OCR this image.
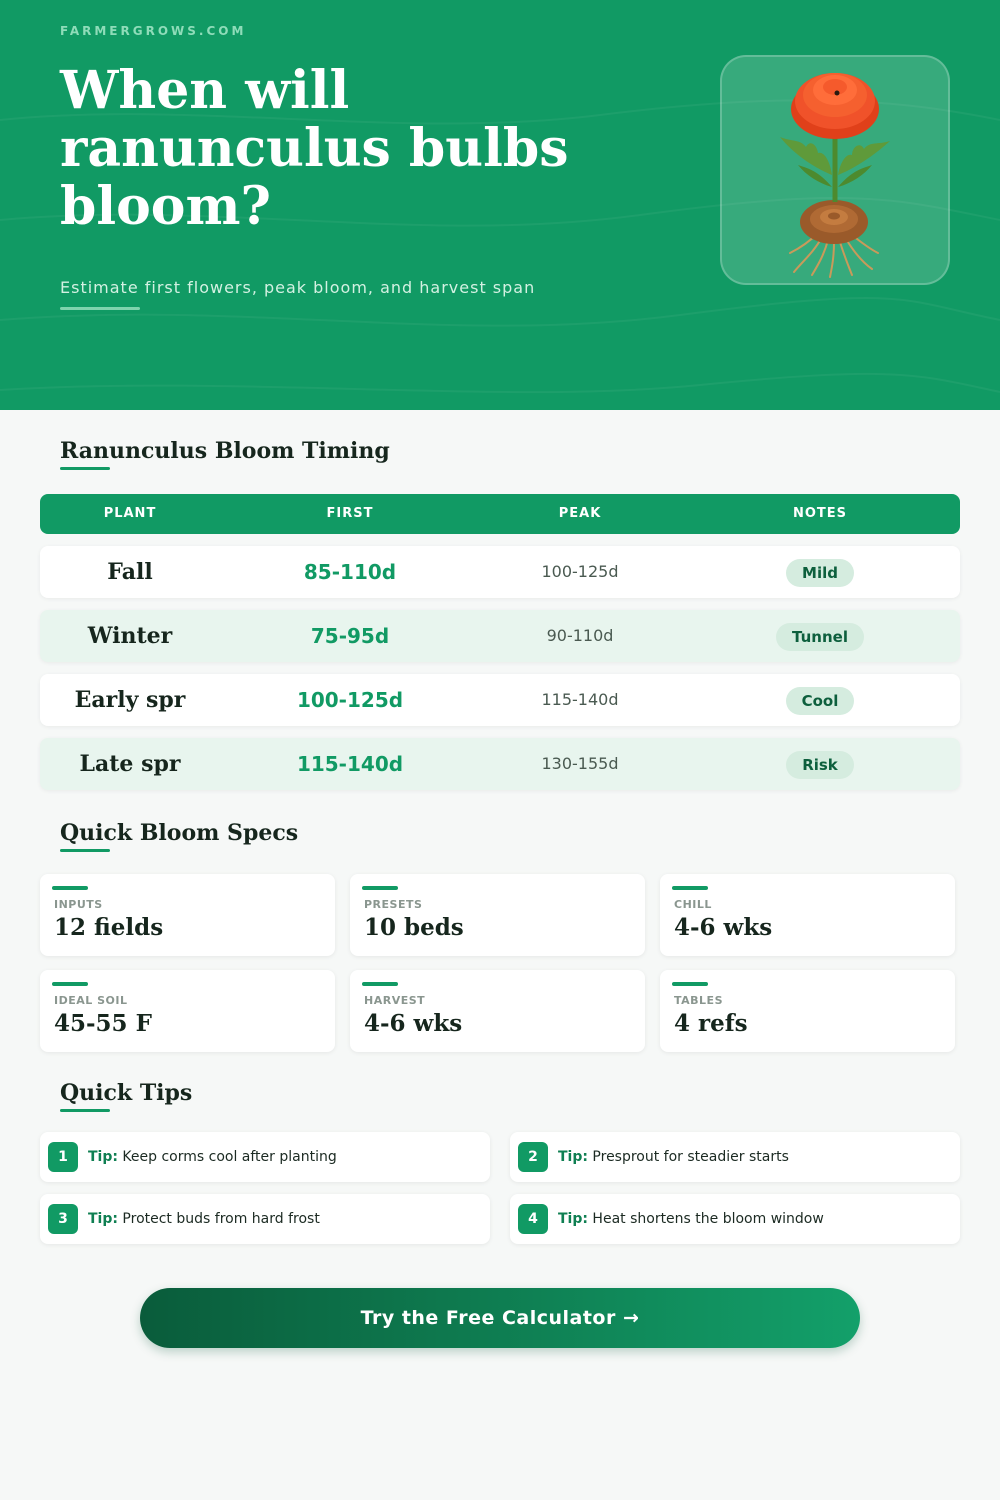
FARMERGROWS.COM
When will ranunculus bulbs bloom?
Estimate first flowers, peak bloom, and harvest span
Ranunculus Bloom Timing
PLANT	FIRST	PEAK	NOTES
Fall	85-110d	100-125d	Mild
Winter	75-95d	90-110d	Tunnel
Early spr	100-125d	115-140d	Cool
Late spr	115-140d	130-155d	Risk
Quick Bloom Specs
INPUTS
12 fields
PRESETS
10 beds
CHILL
4-6 wks
IDEAL SOIL
45-55 F
HARVEST
4-6 wks
TABLES
4 refs
Quick Tips
1	Tip: Keep corms cool after planting	2	Tip: Presprout for steadier starts
3	Tip: Protect buds from hard frost	4	Tip: Heat shortens the bloom window
Try the Free Calculator →
